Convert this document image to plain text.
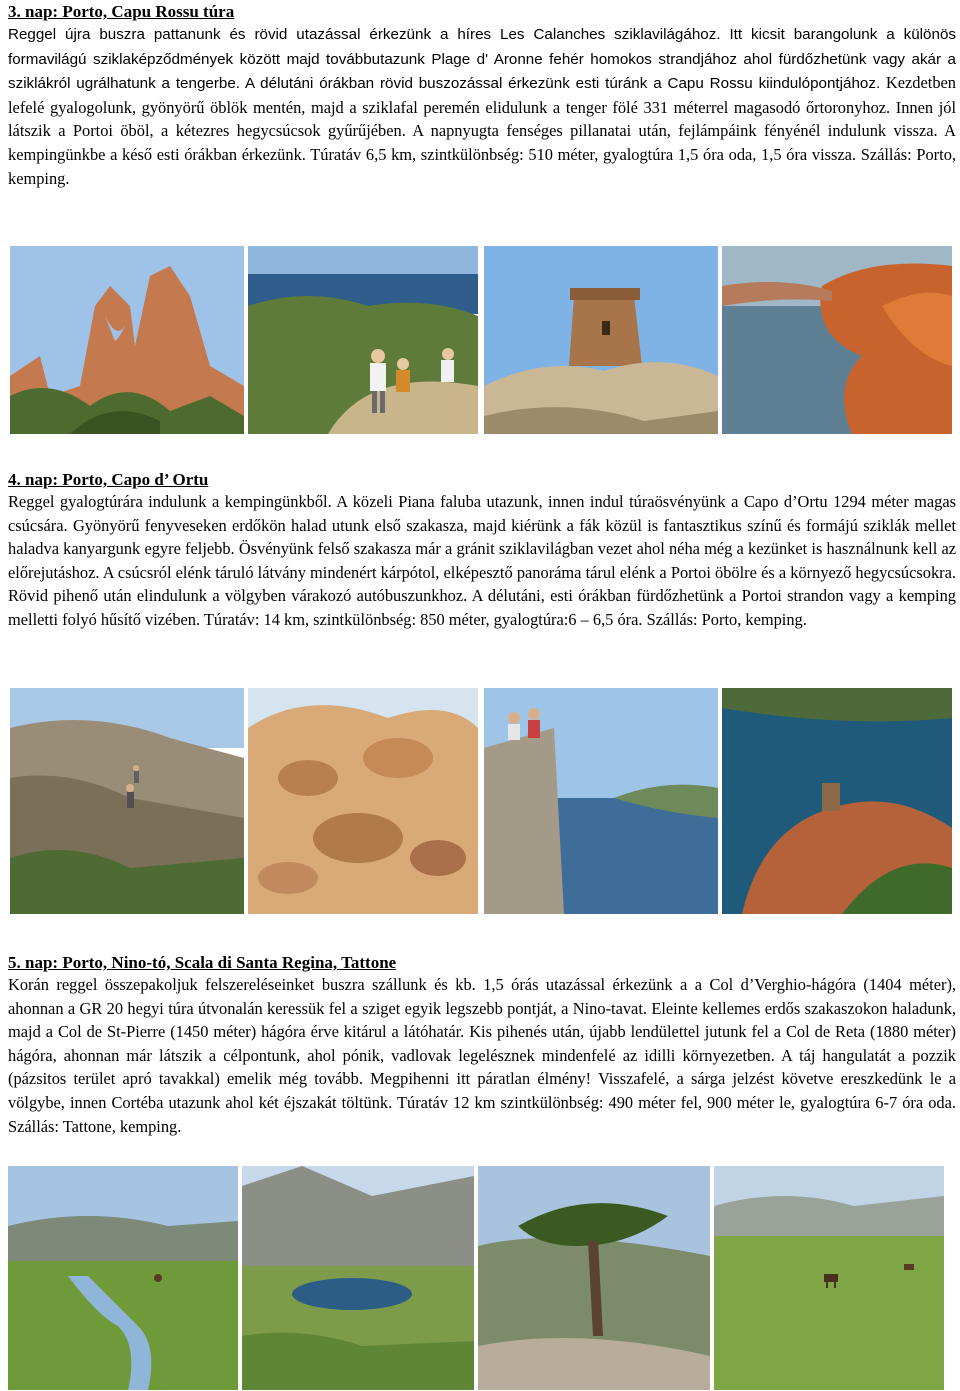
3. nap: Porto, Capu Rossu túra

Reggel újra buszra pattanunk és rövid utazással érkezünk a híres Les Calanches sziklavilágához. Itt kicsit barangolunk a különös formavilágú sziklaképződmények között majd továbbutazunk Plage d' Aronne fehér homokos strandjához ahol fürdőzhetünk vagy akár a sziklákról ugrálhatunk a tengerbe. A délutáni órákban rövid buszozással érkezünk esti túránk a Capu Rossu kiindulópontjához. Kezdetben lefelé gyalogolunk, gyönyörű öblök mentén, majd a sziklafal peremén elidulunk a tenger fölé 331 méterrel magasodó őrtoronyhoz. Innen jól látszik a Portoi öböl, a kétezres hegycsúcsok gyűrűjében. A napnyugta fenséges pillanatai után, fejlámpáink fényénél indulunk vissza. A kempingünkbe a késő esti órákban érkezünk. Túratáv 6,5 km, szintkülönbség: 510 méter, gyalogtúra 1,5 óra oda, 1,5 óra vissza. Szállás: Porto, kemping.

4. nap: Porto, Capo d’ Ortu

Reggel gyalogtúrára indulunk a kempingünkből. A közeli Piana faluba utazunk, innen indul túraösvényünk a Capo d’Ortu 1294 méter magas csúcsára. Gyönyörű fenyveseken erdőkön halad utunk első szakasza, majd kiérünk a fák közül is fantasztikus színű és formájú sziklák mellet haladva kanyargunk egyre feljebb. Ösvényünk felső szakasza már a gránit sziklavilágban vezet ahol néha még a kezünket is használnunk kell az előrejutáshoz. A csúcsról elénk táruló látvány mindenért kárpótol, elképesztő panoráma tárul elénk a Portoi öbölre és a környező hegycsúcsokra. Rövid pihenő után elindulunk a völgyben várakozó autóbuszunkhoz. A délutáni, esti órákban fürdőzhetünk a Portoi strandon vagy a kemping melletti folyó hűsítő vizében. Túratáv: 14 km, szintkülönbség: 850 méter, gyalogtúra:6 – 6,5 óra. Szállás: Porto, kemping.

5. nap: Porto, Nino-tó, Scala di Santa Regina, Tattone

Korán reggel összepakoljuk felszereléseinket buszra szállunk és kb. 1,5 órás utazással érkezünk a a Col d’Verghio-hágóra (1404 méter), ahonnan a GR 20 hegyi túra útvonalán keressük fel a sziget egyik legszebb pontját, a Nino-tavat. Eleinte kellemes erdős szakaszokon haladunk, majd a Col de St-Pierre (1450 méter) hágóra érve kitárul a látóhatár. Kis pihenés után, újabb lendülettel jutunk fel a Col de Reta (1880 méter) hágóra, ahonnan már látszik a célpontunk, ahol pónik, vadlovak legelésznek mindenfelé az idilli környezetben. A táj hangulatát a pozzik (pázsitos terület apró tavakkal) emelik még tovább. Megpihenni itt páratlan élmény! Visszafelé, a sárga jelzést követve ereszkedünk le a völgybe, innen Cortéba utazunk ahol két éjszakát töltünk. Túratáv 12 km szintkülönbség: 490 méter fel, 900 méter le, gyalogtúra 6-7 óra oda. Szállás: Tattone, kemping.
